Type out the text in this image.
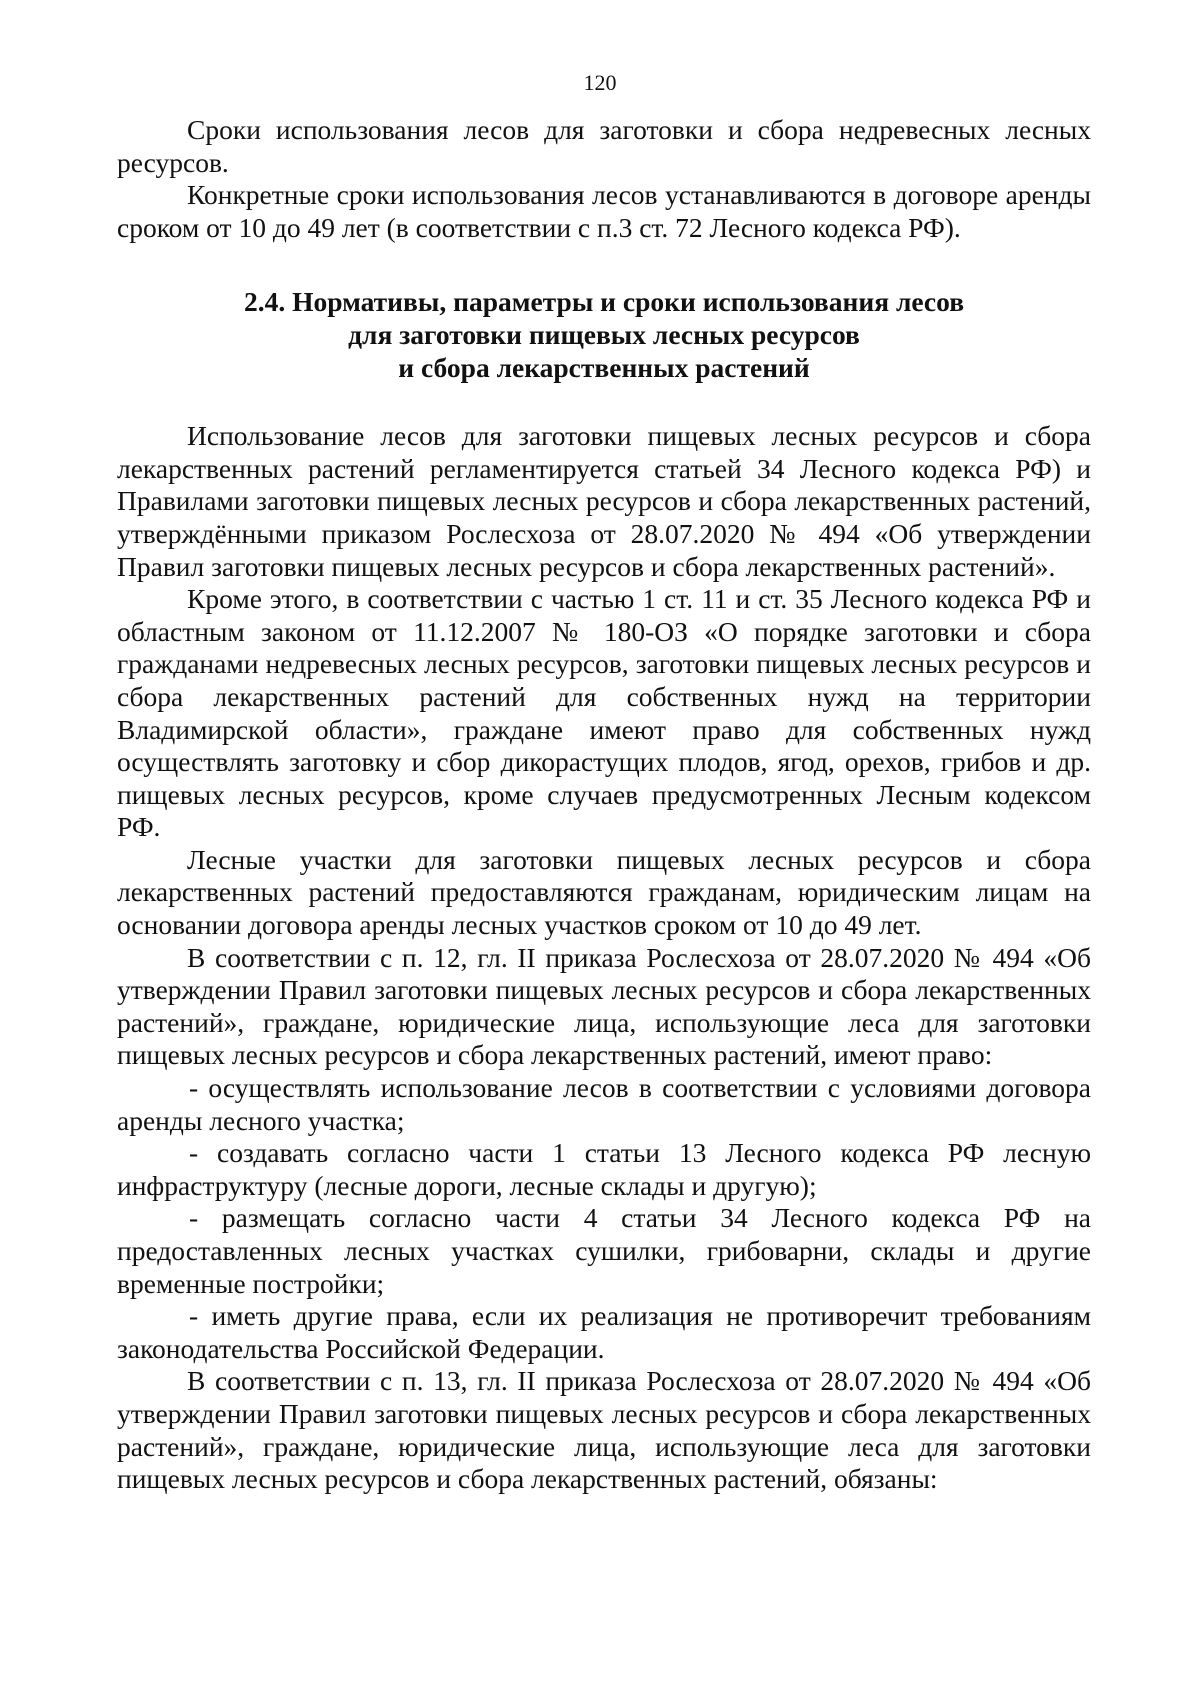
120

Сроки использования лесов для заготовки и сбора недревесных лесных ресурсов.

Конкретные сроки использования лесов устанавливаются в договоре аренды сроком от 10 до 49 лет (в соответствии с п.3 ст. 72 Лесного кодекса РФ).

2.4. Нормативы, параметры и сроки использования лесов
для заготовки пищевых лесных ресурсов
и сбора лекарственных растений

Использование лесов для заготовки пищевых лесных ресурсов и сбора лекарственных растений регламентируется статьей 34 Лесного кодекса РФ) и Правилами заготовки пищевых лесных ресурсов и сбора лекарственных растений, утверждёнными приказом Рослесхоза от 28.07.2020 № 494 «Об утверждении Правил заготовки пищевых лесных ресурсов и сбора лекарственных растений».

Кроме этого, в соответствии с частью 1 ст. 11 и ст. 35 Лесного кодекса РФ и областным законом от 11.12.2007 № 180-ОЗ «О порядке заготовки и сбора гражданами недревесных лесных ресурсов, заготовки пищевых лесных ресурсов и сбора лекарственных растений для собственных нужд на территории Владимирской области», граждане имеют право для собственных нужд осуществлять заготовку и сбор дикорастущих плодов, ягод, орехов, грибов и др. пищевых лесных ресурсов, кроме случаев предусмотренных Лесным кодексом РФ.

Лесные участки для заготовки пищевых лесных ресурсов и сбора лекарственных растений предоставляются гражданам, юридическим лицам на основании договора аренды лесных участков сроком от 10 до 49 лет.

В соответствии с п. 12, гл. II приказа Рослесхоза от 28.07.2020 № 494 «Об утверждении Правил заготовки пищевых лесных ресурсов и сбора лекарственных растений», граждане, юридические лица, использующие леса для заготовки пищевых лесных ресурсов и сбора лекарственных растений, имеют право:

- осуществлять использование лесов в соответствии с условиями договора аренды лесного участка;

- создавать согласно части 1 статьи 13 Лесного кодекса РФ лесную инфраструктуру (лесные дороги, лесные склады и другую);

- размещать согласно части 4 статьи 34 Лесного кодекса РФ на предоставленных лесных участках сушилки, грибоварни, склады и другие временные постройки;

- иметь другие права, если их реализация не противоречит требованиям законодательства Российской Федерации.

В соответствии с п. 13, гл. II приказа Рослесхоза от 28.07.2020 № 494 «Об утверждении Правил заготовки пищевых лесных ресурсов и сбора лекарственных растений», граждане, юридические лица, использующие леса для заготовки пищевых лесных ресурсов и сбора лекарственных растений, обязаны:
